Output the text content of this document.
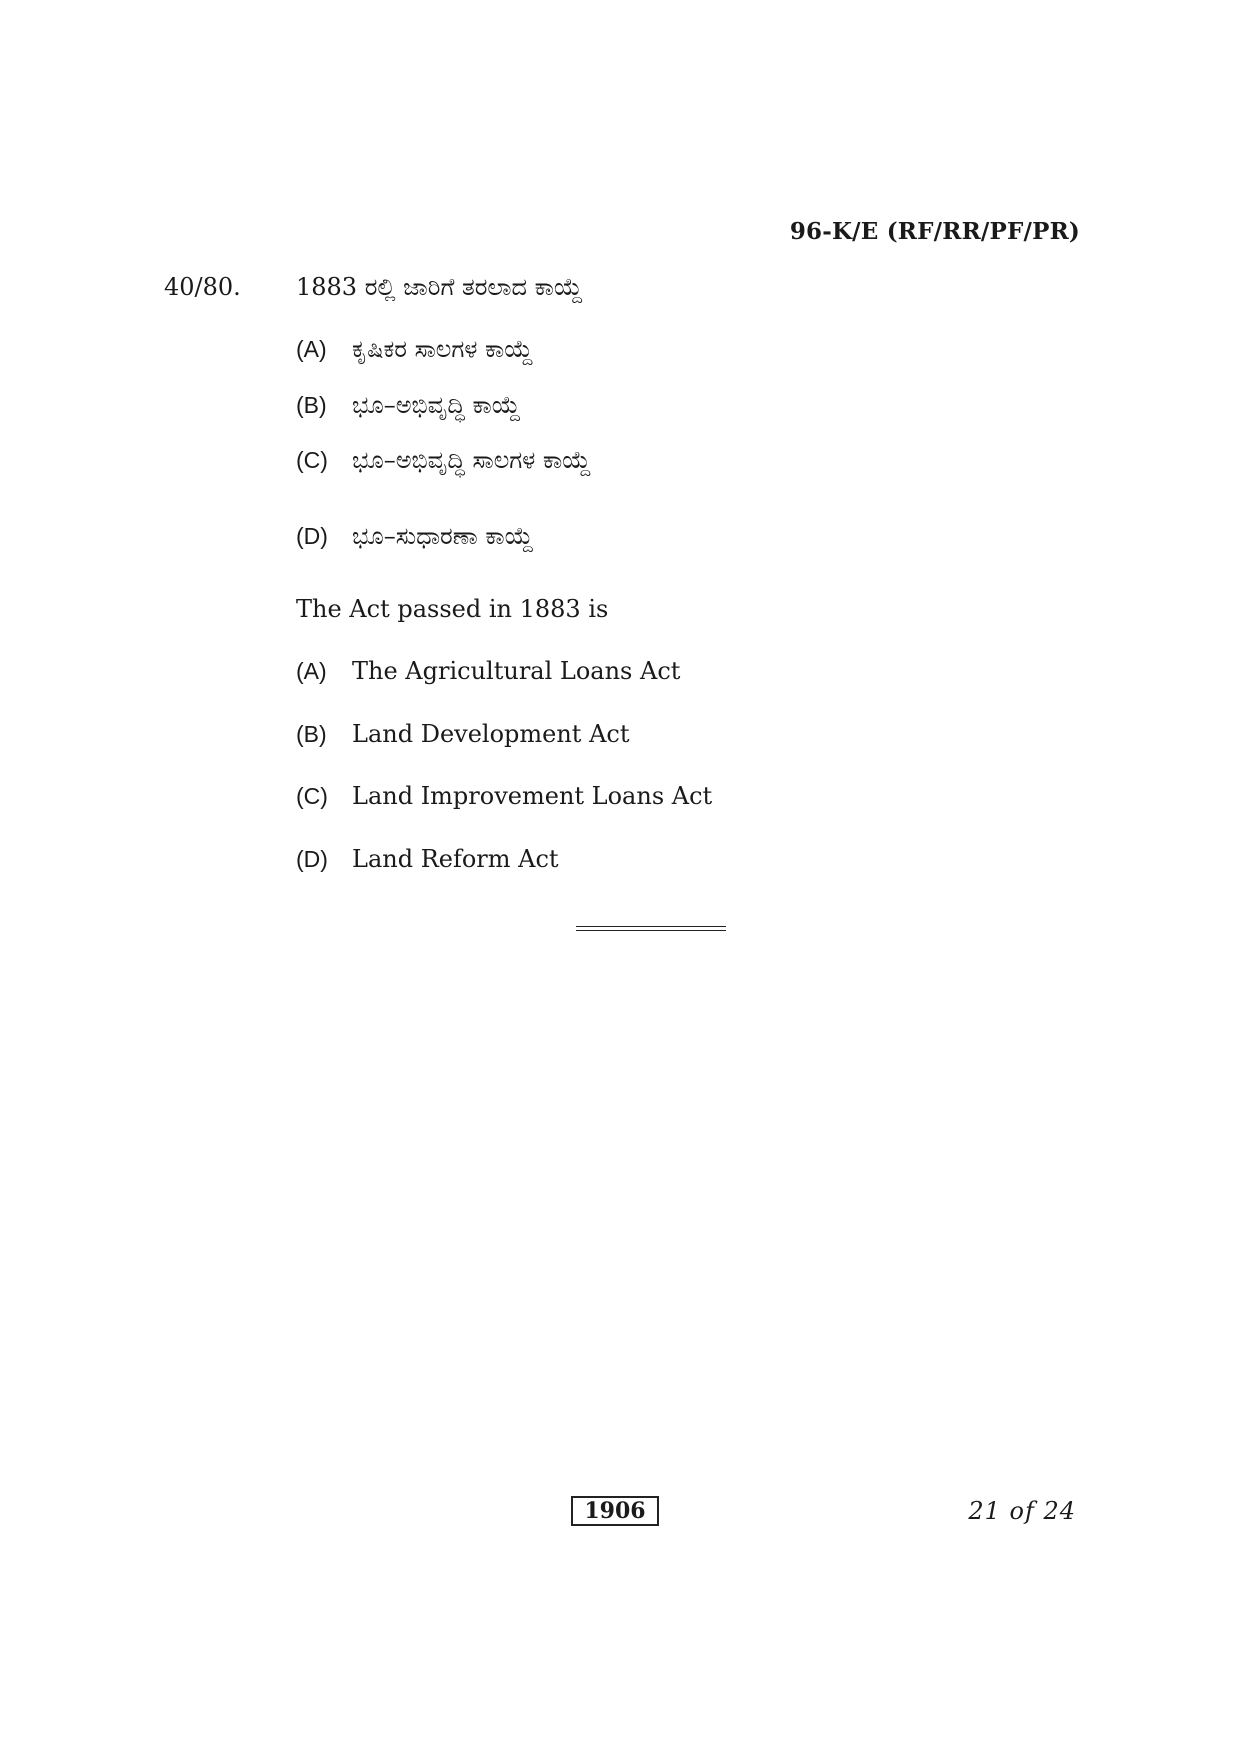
96-K/E (RF/RR/PF/PR)
40/80. 1883 ರಲ್ಲಿ ಜಾರಿಗೆ ತರಲಾದ ಕಾಯ್ದೆ
(A) ಕೃಷಿಕರ ಸಾಲಗಳ ಕಾಯ್ದೆ
(B) ಭೂ–ಅಭಿವೃದ್ಧಿ ಕಾಯ್ದೆ
(C) ಭೂ–ಅಭಿವೃದ್ಧಿ ಸಾಲಗಳ ಕಾಯ್ದೆ
(D) ಭೂ–ಸುಧಾರಣಾ ಕಾಯ್ದೆ
The Act passed in 1883 is
(A) The Agricultural Loans Act
(B) Land Development Act
(C) Land Improvement Loans Act
(D) Land Reform Act
1906	21 of 24
